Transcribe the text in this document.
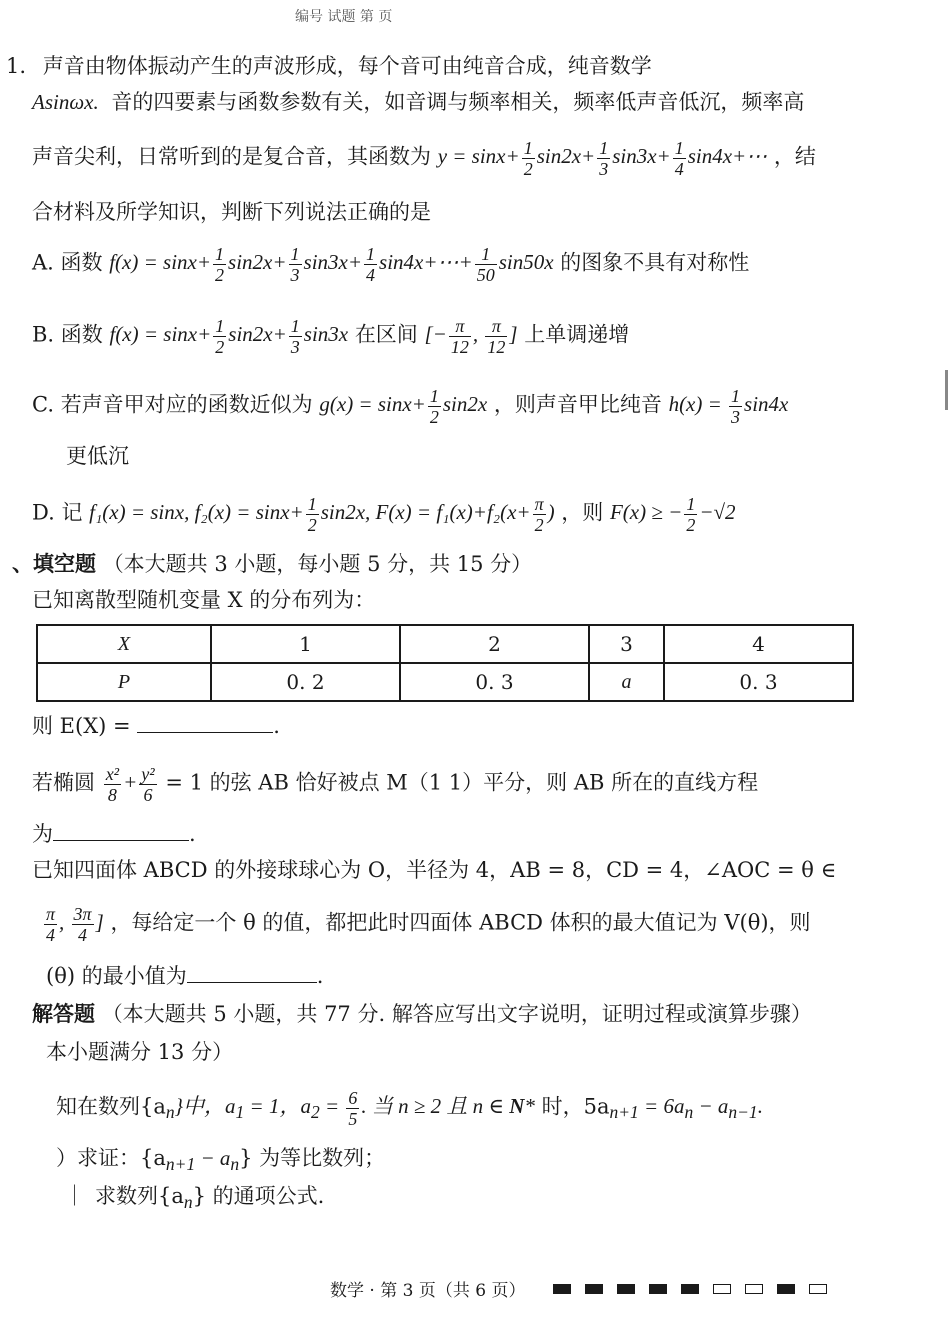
编号 试题 第 页
1. 声音由物体振动产生的声波形成，每个音可由纯音合成，纯音数学
Asinωx. 音的四要素与函数参数有关，如音调与频率相关，频率低声音低沉，频率高
声音尖利，日常听到的是复合音，其函数为 $y = \sin x+ \frac{1}{2} \sin 2x+ \frac{1}{3} \sin 3x+ \frac{1}{4}$ sin4x+⋯ ，结
合材料及所学知识，判断下列说法正确的是
A. 函数 $f(x) = \sin x+ \frac{1}{2} \sin 2x+ \frac{1}{3} \sin 3x+ \frac{1}{4}$ sin4x+⋯+ $\frac{1}{50} \sin 50x$ 的图象不具有对称性
B. 函数 $f(x) = \sin x+ \frac{1}{2} \sin 2x+ \frac{1}{3} \sin 3x$ 在区间 [− $\frac{\pi}{12}$ , $\frac{\pi}{12}$ ] 上单调递增
C. 若声音甲对应的函数近似为 $g(x) = \sin x+ \frac{1}{2} \sin 2x$ ，则声音甲比纯音 $h(x) = \frac{1}{3} \sin 4x$
更低沉
D. 记 f₁(x) = sinx, $f_2(x) = \sin x+ \frac{1}{2} \sin 2x$, $F(x) = f_1(x)+f_2(x+ \frac{\pi}{2}$ ) ，则 F(x) ≥ − $\frac{1}{2} -√2$
、填空题 （本大题共 3 小题，每小题 5 分，共 15 分）
已知离散型随机变量 X 的分布列为：
X	1	2	3	4
P	0. 2	0. 3	a	0. 3
则 E(X) =	.
若椭圆 $\frac{\text{x²}}{8} + \frac{\text{y²}}{6} = 1$ 的弦 AB 恰好被点 M（1 1）平分，则 AB 所在的直线方程
为	.
已知四面体 ABCD 的外接球球心为 O，半径为 4，AB = 8，CD = 4，∠AOC = θ ∈
$\frac{\pi}{4}$ , $\frac{3\pi}{4}$ ] ，每给定一个 θ 的值，都把此时四面体 ABCD 体积的最大值记为 V(θ)，则
(θ) 的最小值为	.
解答题 （本大题共 5 小题，共 77 分. 解答应写出文字说明，证明过程或演算步骤）
本小题满分 13 分）
知在数列$\{a_n\}$中，$a_1 = 1$，$a_2 = \frac{6}{5}$ . 当 n ≥ 2 且 n ∈ N* 时，$5a_{n+1} = 6a_n - a_{n-1}$.
）求证：$\{a_{n+1} - a_n\}$ 为等比数列；
｜ 求数列$\{a_n\}$ 的通项公式.
数学 · 第 3 页（共 6 页）
